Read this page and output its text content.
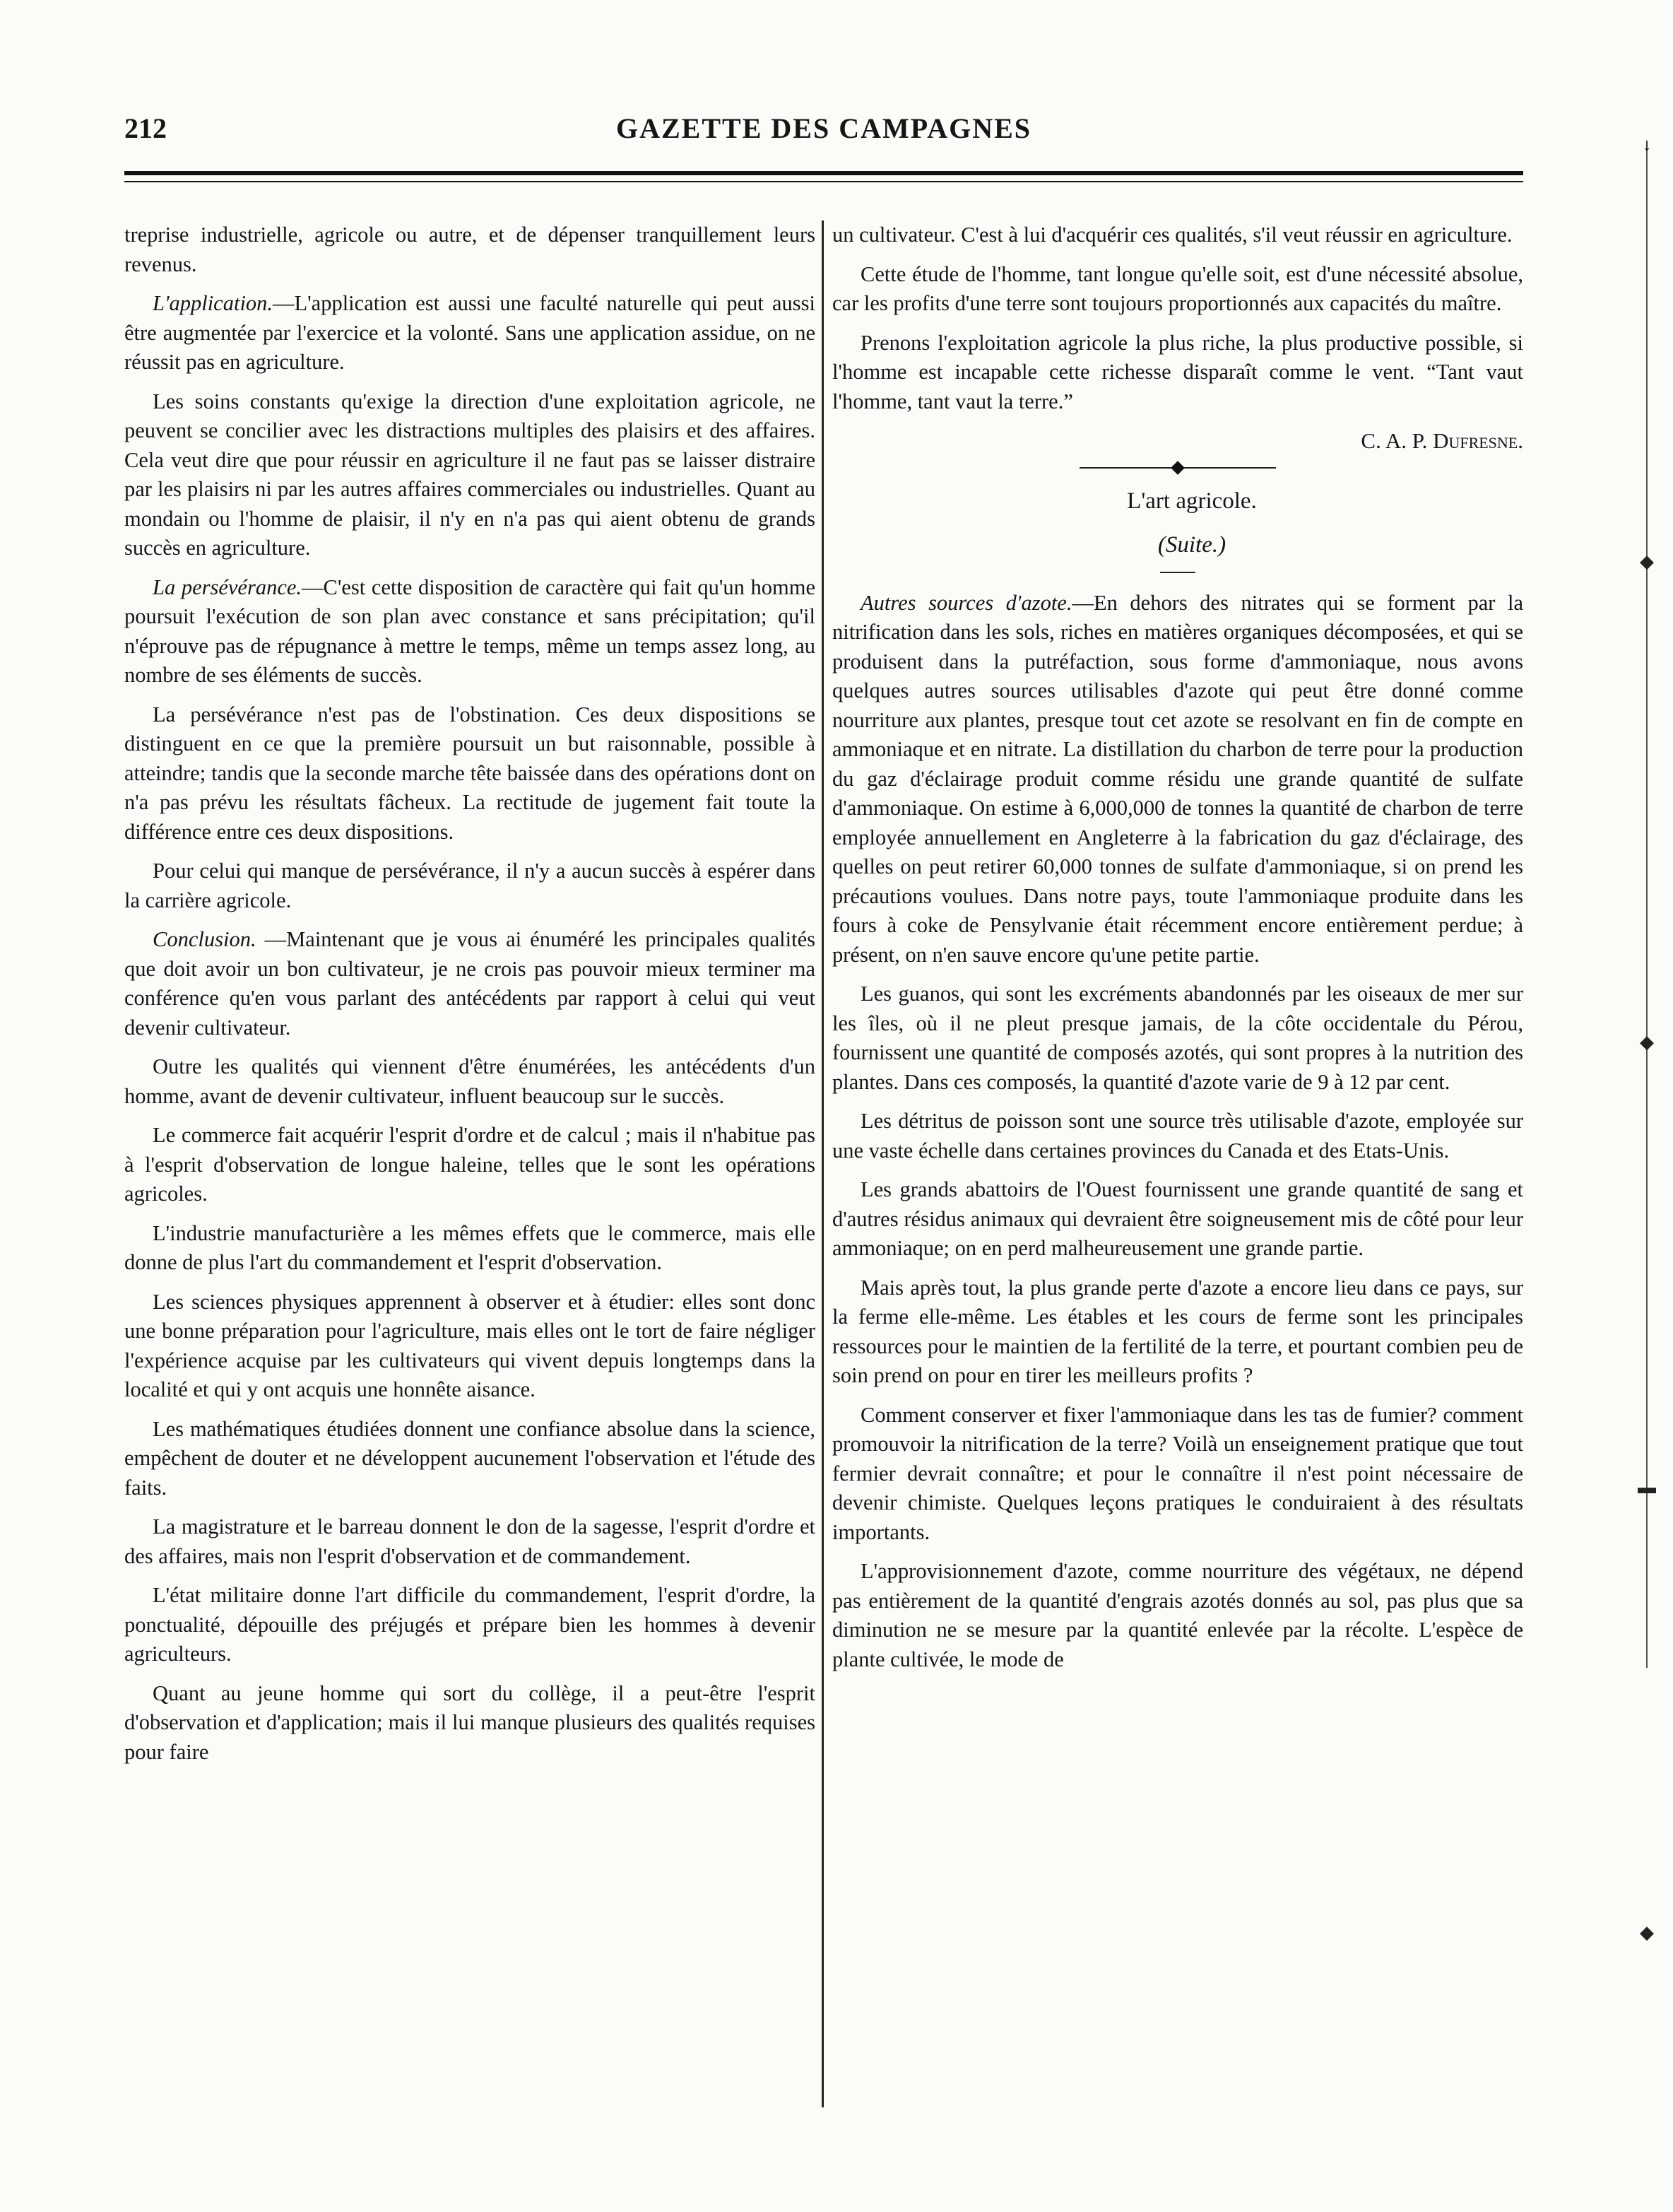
212	GAZETTE DES CAMPAGNES

treprise industrielle, agricole ou autre, et de dépenser tranquillement leurs revenus.

L'application.—L'application est aussi une faculté naturelle qui peut aussi être augmentée par l'exercice et la volonté. Sans une application assidue, on ne réussit pas en agriculture.

Les soins constants qu'exige la direction d'une exploitation agricole, ne peuvent se concilier avec les distractions multiples des plaisirs et des affaires. Cela veut dire que pour réussir en agriculture il ne faut pas se laisser distraire par les plaisirs ni par les autres affaires commerciales ou industrielles. Quant au mondain ou l'homme de plaisir, il n'y en n'a pas qui aient obtenu de grands succès en agriculture.

La persévérance.—C'est cette disposition de caractère qui fait qu'un homme poursuit l'exécution de son plan avec constance et sans précipitation; qu'il n'éprouve pas de répugnance à mettre le temps, même un temps assez long, au nombre de ses éléments de succès.

La persévérance n'est pas de l'obstination. Ces deux dispositions se distinguent en ce que la première poursuit un but raisonnable, possible à atteindre; tandis que la seconde marche tête baissée dans des opérations dont on n'a pas prévu les résultats fâcheux. La rectitude de jugement fait toute la différence entre ces deux dispositions.

Pour celui qui manque de persévérance, il n'y a aucun succès à espérer dans la carrière agricole.

Conclusion. —Maintenant que je vous ai énuméré les principales qualités que doit avoir un bon cultivateur, je ne crois pas pouvoir mieux terminer ma conférence qu'en vous parlant des antécédents par rapport à celui qui veut devenir cultivateur.

Outre les qualités qui viennent d'être énumérées, les antécédents d'un homme, avant de devenir cultivateur, influent beaucoup sur le succès.

Le commerce fait acquérir l'esprit d'ordre et de calcul ; mais il n'habitue pas à l'esprit d'observation de longue haleine, telles que le sont les opérations agricoles.

L'industrie manufacturière a les mêmes effets que le commerce, mais elle donne de plus l'art du commandement et l'esprit d'observation.

Les sciences physiques apprennent à observer et à étudier: elles sont donc une bonne préparation pour l'agriculture, mais elles ont le tort de faire négliger l'expérience acquise par les cultivateurs qui vivent depuis longtemps dans la localité et qui y ont acquis une honnête aisance.

Les mathématiques étudiées donnent une confiance absolue dans la science, empêchent de douter et ne développent aucunement l'observation et l'étude des faits.

La magistrature et le barreau donnent le don de la sagesse, l'esprit d'ordre et des affaires, mais non l'esprit d'observation et de commandement.

L'état militaire donne l'art difficile du commandement, l'esprit d'ordre, la ponctualité, dépouille des préjugés et prépare bien les hommes à devenir agriculteurs.

Quant au jeune homme qui sort du collège, il a peut-être l'esprit d'observation et d'application; mais il lui manque plusieurs des qualités requises pour faire

un cultivateur. C'est à lui d'acquérir ces qualités, s'il veut réussir en agriculture.

Cette étude de l'homme, tant longue qu'elle soit, est d'une nécessité absolue, car les profits d'une terre sont toujours proportionnés aux capacités du maître.

Prenons l'exploitation agricole la plus riche, la plus productive possible, si l'homme est incapable cette richesse disparaît comme le vent. “Tant vaut l'homme, tant vaut la terre.”

C. A. P. Dufresne.

L'art agricole.

(Suite.)

Autres sources d'azote.—En dehors des nitrates qui se forment par la nitrification dans les sols, riches en matières organiques décomposées, et qui se produisent dans la putréfaction, sous forme d'ammoniaque, nous avons quelques autres sources utilisables d'azote qui peut être donné comme nourriture aux plantes, presque tout cet azote se resolvant en fin de compte en ammoniaque et en nitrate. La distillation du charbon de terre pour la production du gaz d'éclairage produit comme résidu une grande quantité de sulfate d'ammoniaque. On estime à 6,000,000 de tonnes la quantité de charbon de terre employée annuellement en Angleterre à la fabrication du gaz d'éclairage, des quelles on peut retirer 60,000 tonnes de sulfate d'ammoniaque, si on prend les précautions voulues. Dans notre pays, toute l'ammoniaque produite dans les fours à coke de Pensylvanie était récemment encore entièrement perdue; à présent, on n'en sauve encore qu'une petite partie.

Les guanos, qui sont les excréments abandonnés par les oiseaux de mer sur les îles, où il ne pleut presque jamais, de la côte occidentale du Pérou, fournissent une quantité de composés azotés, qui sont propres à la nutrition des plantes. Dans ces composés, la quantité d'azote varie de 9 à 12 par cent.

Les détritus de poisson sont une source très utilisable d'azote, employée sur une vaste échelle dans certaines provinces du Canada et des Etats-Unis.

Les grands abattoirs de l'Ouest fournissent une grande quantité de sang et d'autres résidus animaux qui devraient être soigneusement mis de côté pour leur ammoniaque; on en perd malheureusement une grande partie.

Mais après tout, la plus grande perte d'azote a encore lieu dans ce pays, sur la ferme elle-même. Les étables et les cours de ferme sont les principales ressources pour le maintien de la fertilité de la terre, et pourtant combien peu de soin prend on pour en tirer les meilleurs profits ?

Comment conserver et fixer l'ammoniaque dans les tas de fumier? comment promouvoir la nitrification de la terre? Voilà un enseignement pratique que tout fermier devrait connaître; et pour le connaître il n'est point nécessaire de devenir chimiste. Quelques leçons pratiques le conduiraient à des résultats importants.

L'approvisionnement d'azote, comme nourriture des végétaux, ne dépend pas entièrement de la quantité d'engrais azotés donnés au sol, pas plus que sa diminution ne se mesure par la quantité enlevée par la récolte. L'espèce de plante cultivée, le mode de

↓
◆
◆
▬
◆
